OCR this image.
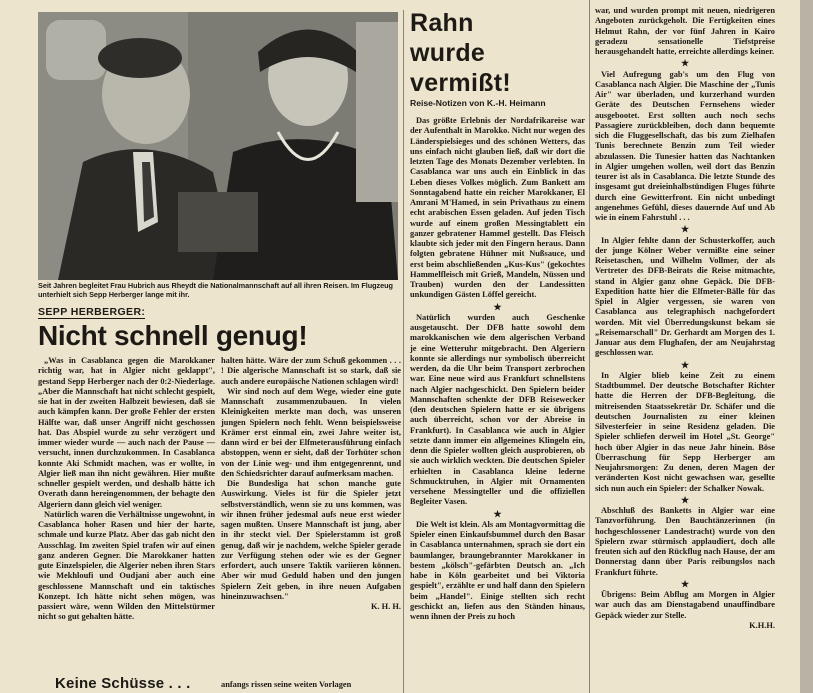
Seit Jahren begleitet Frau Hubrich aus Rheydt die Nationalmannschaft auf all ihren Reisen. Im Flugzeug unterhielt sich Sepp Herberger lange mit ihr.
SEPP HERBERGER:
Nicht schnell genug!

„Was in Casablanca gegen die Marokkaner richtig war, hat in Algier nicht geklappt", gestand Sepp Herberger nach der 0:2-Niederlage. „Aber die Mannschaft hat nicht schlecht gespielt, sie hat in der zweiten Halbzeit bewiesen, daß sie auch kämpfen kann. Der große Fehler der ersten Hälfte war, daß unser Angriff nicht geschossen hat. Das Abspiel wurde zu sehr verzögert und immer wieder wurde — auch nach der Pause — versucht, innen durchzukommen. In Casablanca konnte Aki Schmidt machen, was er wollte, in Algier ließ man ihn nicht gewähren. Hier mußte schneller gespielt werden, und deshalb hätte ich Overath dann hereingenommen, der behagte den Algeriern dann gleich viel weniger.

Natürlich waren die Verhältnisse ungewohnt, in Casablanca hoher Rasen und hier der harte, schmale und kurze Platz. Aber das gab nicht den Ausschlag. Im zweiten Spiel trafen wir auf einen ganz anderen Gegner. Die Marokkaner hatten gute Einzelspieler, die Algerier neben ihren Stars wie Mekhloufi und Oudjani aber auch eine geschlossene Mannschaft und ein taktisches Konzept. Ich hätte nicht sehen mögen, was passiert wäre, wenn Wilden den Mittelstürmer nicht so gut gehalten hätte.

halten hätte. Wäre der zum Schuß gekommen . . . ! Die algerische Mannschaft ist so stark, daß sie auch andere europäische Nationen schlagen wird!

Wir sind noch auf dem Wege, wieder eine gute Mannschaft zusammenzubauen. In vielen Kleinigkeiten merkte man doch, was unseren jungen Spielern noch fehlt. Wenn beispielsweise Krämer erst einmal ein, zwei Jahre weiter ist, dann wird er bei der Elfmeterausführung einfach abstoppen, wenn er sieht, daß der Torhüter schon von der Linie weg- und ihm entgegenrennt, und den Schiedsrichter darauf aufmerksam machen.

Die Bundesliga hat schon manche gute Auswirkung. Vieles ist für die Spieler jetzt selbstverständlich, wenn sie zu uns kommen, was wir ihnen früher jedesmal aufs neue erst wieder sagen mußten. Unsere Mannschaft ist jung, aber in ihr steckt viel. Der Spielerstamm ist groß genug, daß wir je nachdem, welche Spieler gerade zur Verfügung stehen oder wie es der Gegner erfordert, auch unsere Taktik variieren können. Aber wir mud Geduld haben und den jungen Spielern Zeit geben, in ihre neuen Aufgaben hineinzuwachsen."

K. H. H.
Keine Schüsse . . .	anfangs rissen seine weiten Vorlagen
Rahn
wurde
vermißt!
Reise-Notizen von K.-H. Heimann

Das größte Erlebnis der Nordafrikareise war der Aufenthalt in Marokko. Nicht nur wegen des Länderspielsieges und des schönen Wetters, das uns einfach nicht glauben ließ, daß wir dort die letzten Tage des Monats Dezember verlebten. In Casablanca war uns auch ein Einblick in das Leben dieses Volkes möglich. Zum Bankett am Sonntagabend hatte ein reicher Marokkaner, El Amrani M'Hamed, in sein Privathaus zu einem echt arabischen Essen geladen. Auf jeden Tisch wurde auf einem großen Messingtablett ein ganzer gebratener Hammel gestellt. Das Fleisch klaubte sich jeder mit den Fingern heraus. Dann folgten gebratene Hühner mit Nußsauce, und erst beim abschließenden „Kus-Kus" (gekochtes Hammelfleisch mit Grieß, Mandeln, Nüssen und Trauben) wurden den der Landessitten unkundigen Gästen Löffel gereicht.

★

Natürlich wurden auch Geschenke ausgetauscht. Der DFB hatte sowohl dem marokkanischen wie dem algerischen Verband je eine Wetteruhr mitgebracht. Den Algeriern konnte sie allerdings nur symbolisch überreicht werden, da die Uhr beim Transport zerbrochen war. Eine neue wird aus Frankfurt schnellstens nach Algier nachgeschickt. Den Spielern beider Mannschaften schenkte der DFB Reisewecker (den deutschen Spielern hatte er sie übrigens auch überreicht, schon vor der Abreise in Frankfurt). In Casablanca wie auch in Algier setzte dann immer ein allgemeines Klingeln ein, denn die Spieler wollten gleich ausprobieren, ob sie auch wirklich weckten. Die deutschen Spieler erhielten in Casablanca kleine lederne Schmucktruhen, in Algier mit Ornamenten versehene Messingteller und die offiziellen Begleiter Vasen.

★

Die Welt ist klein. Als am Montagvormittag die Spieler einen Einkaufsbummel durch den Basar in Casablanca unternahmen, sprach sie dort ein baumlanger, braungebrannter Marokkaner in bestem „kölsch"-gefärbten Deutsch an. „Ich habe in Köln gearbeitet und bei Viktoria gespielt", erzählte er und half dann den Spielern beim „Handel". Einige stellten sich recht geschickt an, liefen aus den Ständen hinaus, wenn ihnen der Preis zu hoch

war, und wurden prompt mit neuen, niedrigeren Angeboten zurückgeholt. Die Fertigkeiten eines Helmut Rahn, der vor fünf Jahren in Kairo geradezu sensationelle Tiefstpreise herausgehandelt hatte, erreichte allerdings keiner.

★

Viel Aufregung gab's um den Flug von Casablanca nach Algier. Die Maschine der „Tunis Air" war überladen, und kurzerhand wurden Geräte des Deutschen Fernsehens wieder ausgebootet. Erst sollten auch noch sechs Passagiere zurückbleiben, doch dann bequemte sich die Fluggesellschaft, das bis zum Zielhafen Tunis berechnete Benzin zum Teil wieder abzulassen. Die Tunesier hatten das Nachtanken in Algier umgehen wollen, weil dort das Benzin teurer ist als in Casablanca. Die letzte Stunde des insgesamt gut dreieinhalbstündigen Fluges führte durch eine Gewitterfront. Ein nicht unbedingt angenehmes Gefühl, dieses dauernde Auf und Ab wie in einem Fahrstuhl . . .

★

In Algier fehlte dann der Schusterkoffer, auch der junge Kölner Weber vermißte eine seiner Reisetaschen, und Wilhelm Vollmer, der als Vertreter des DFB-Beirats die Reise mitmachte, stand in Algier ganz ohne Gepäck. Die DFB-Expedition hatte hier die Elfmeter-Bälle für das Spiel in Algier vergessen, sie waren von Casablanca aus telegraphisch nachgefordert worden. Mit viel Überredungskunst bekam sie „Reisemarschall" Dr. Gerhardt am Morgen des 1. Januar aus dem Flughafen, der am Neujahrstag geschlossen war.

★

In Algier blieb keine Zeit zu einem Stadtbummel. Der deutsche Botschafter Richter hatte die Herren der DFB-Begleitung, die mitreisenden Staatssekretär Dr. Schäfer und die deutschen Journalisten zu einer kleinen Silvesterfeier in seine Residenz geladen. Die Spieler schliefen derweil im Hotel „St. George" hoch über Algier in das neue Jahr hinein. Böse Überraschung für Sepp Herberger am Neujahrsmorgen: Zu denen, deren Magen der veränderten Kost nicht gewachsen war, gesellte sich nun auch ein Spieler: der Schalker Nowak.

★

Abschluß des Banketts in Algier war eine Tanzvorführung. Den Bauchtänzerinnen (in hochgeschlossener Landestracht) wurde von den Spielern zwar stürmisch applaudiert, doch alle freuten sich auf den Rückflug nach Hause, der am Donnerstag dann über Paris reibungslos nach Frankfurt führte.

★

Übrigens: Beim Abflug am Morgen in Algier war auch das am Dienstagabend unauffindbare Gepäck wieder zur Stelle.

K.H.H.
